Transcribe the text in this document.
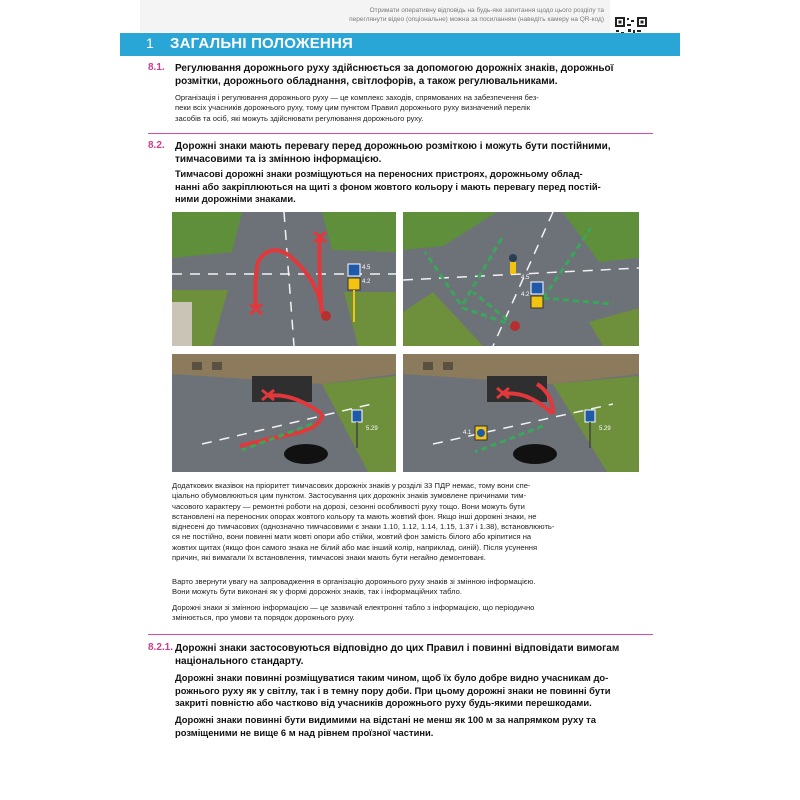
Отримати оперативну відповідь на будь-яке запитання щодо цього розділу та
переглянути відео (опціональне) можна за посиланням (наведіть камеру на QR-код)
1 ЗАГАЛЬНІ ПОЛОЖЕННЯ
8.1. Регулювання дорожнього руху здійснюється за допомогою дорожніх знаків, дорожньої
розмітки, дорожнього обладнання, світлофорів, а також регулювальниками.
Організація і регулювання дорожнього руху — це комплекс заходів, спрямованих на забезпечення без-
пеки всіх учасників дорожнього руху, тому цим пунктом Правил дорожнього руху визначений перелік
засобів та осіб, які можуть здійснювати регулювання дорожнього руху.
8.2. Дорожні знаки мають перевагу перед дорожньою розміткою і можуть бути постійними,
тимчасовими та із змінною інформацією.
Тимчасові дорожні знаки розміщуються на переносних пристроях, дорожньому облад-
нанні або закріплюються на щиті з фоном жовтого кольору і мають перевагу перед постій-
ними дорожніми знаками.
4.5
4.2
4.5
4.2
5.29
4.1
5.29
Додаткових вказівок на пріоритет тимчасових дорожніх знаків у розділі 33 ПДР немає, тому вони спе-
ціально обумовлюються цим пунктом. Застосування цих дорожніх знаків зумовлене причинами тим-
часового характеру — ремонтні роботи на дорозі, сезонні особливості руху тощо. Вони можуть бути
встановлені на переносних опорах жовтого кольору та мають жовтий фон. Якщо інші дорожні знаки, не
віднесені до тимчасових (однозначно тимчасовими є знаки 1.10, 1.12, 1.14, 1.15, 1.37 і 1.38), встановлюють-
ся не постійно, вони повинні мати жовті опори або стійки, жовтий фон замість білого або кріпитися на
жовтих щитах (якщо фон самого знака не білий або має інший колір, наприклад, синій). Після усунення
причин, які вимагали їх встановлення, тимчасові знаки мають бути негайно демонтовані.
Варто звернути увагу на запровадження в організацію дорожнього руху знаків зі змінною інформацією.
Вони можуть бути виконані як у формі дорожніх знаків, так і інформаційних табло.
Дорожні знаки зі змінною інформацією — це зазвичай електронні табло з інформацією, що періодично
змінюється, про умови та порядок дорожнього руху.
8.2.1. Дорожні знаки застосовуються відповідно до цих Правил і повинні відповідати вимогам
національного стандарту.
Дорожні знаки повинні розміщуватися таким чином, щоб їх було добре видно учасникам до-
рожнього руху як у світлу, так і в темну пору доби. При цьому дорожні знаки не повинні бути
закриті повністю або частково від учасників дорожнього руху будь-якими перешкодами.
Дорожні знаки повинні бути видимими на відстані не менш як 100 м за напрямком руху та
розміщеними не вище 6 м над рівнем проїзної частини.
